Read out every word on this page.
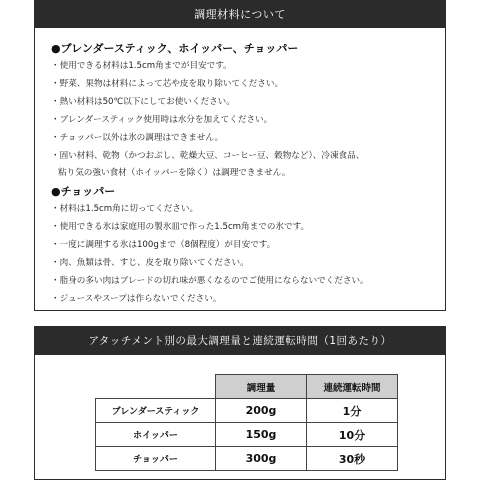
調理材料について
●ブレンダースティック、ホイッパー、チョッパー
・使用できる材料は1.5cm角までが目安です。
・野菜、果物は材料によって芯や皮を取り除いてください。
・熱い材料は50℃以下にしてお使いください。
・ブレンダースティック使用時は水分を加えてください。
・チョッパー以外は氷の調理はできません。
・固い材料、乾物（かつおぶし、乾燥大豆、コーヒー豆、穀物など）、冷凍食品、
粘り気の強い食材（ホイッパーを除く）は調理できません。
●チョッパー
・材料は1.5cm角に切ってください。
・使用できる氷は家庭用の製氷皿で作った1.5cm角までの氷です。
・一度に調理する氷は100gまで（8個程度）が目安です。
・肉、魚類は骨、すじ、皮を取り除いてください。
・脂身の多い肉はブレードの切れ味が悪くなるのでご使用にならないでください。
・ジュースやスープは作らないでください。
アタッチメント別の最大調理量と連続運転時間（1回あたり）
	調理量	連続運転時間
ブレンダースティック	200g	1分
ホイッパー	150g	10分
チョッパー	300g	30秒
